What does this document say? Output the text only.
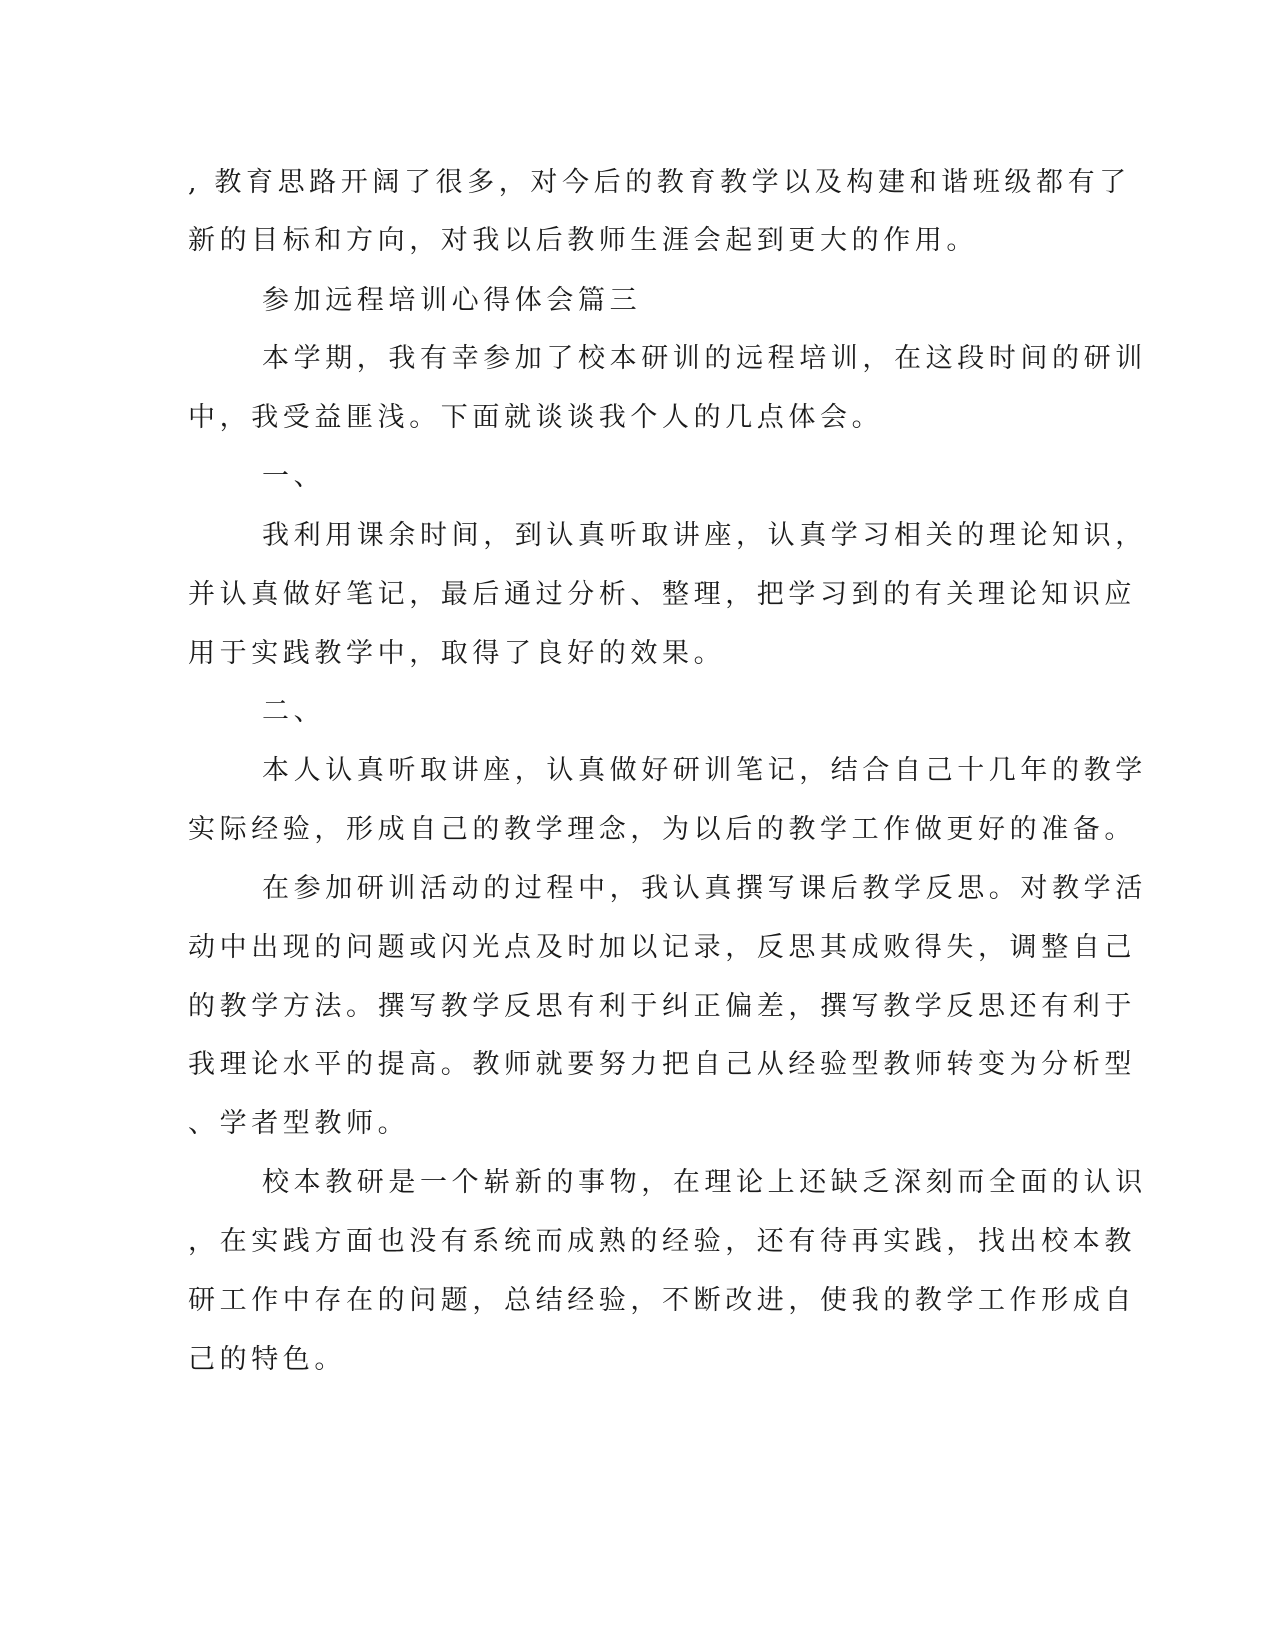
, 教育思路开阔了很多，对今后的教育教学以及构建和谐班级都有了
新的目标和方向，对我以后教师生涯会起到更大的作用。
参加远程培训心得体会篇三
本学期，我有幸参加了校本研训的远程培训，在这段时间的研训
中，我受益匪浅。下面就谈谈我个人的几点体会。
一、
我利用课余时间，到认真听取讲座，认真学习相关的理论知识，
并认真做好笔记，最后通过分析、整理，把学习到的有关理论知识应
用于实践教学中，取得了良好的效果。
二、
本人认真听取讲座，认真做好研训笔记，结合自己十几年的教学
实际经验，形成自己的教学理念，为以后的教学工作做更好的准备。
在参加研训活动的过程中，我认真撰写课后教学反思。对教学活
动中出现的问题或闪光点及时加以记录，反思其成败得失，调整自己
的教学方法。撰写教学反思有利于纠正偏差，撰写教学反思还有利于
我理论水平的提高。教师就要努力把自己从经验型教师转变为分析型
、学者型教师。
校本教研是一个崭新的事物，在理论上还缺乏深刻而全面的认识
，在实践方面也没有系统而成熟的经验，还有待再实践，找出校本教
研工作中存在的问题，总结经验，不断改进，使我的教学工作形成自
己的特色。
